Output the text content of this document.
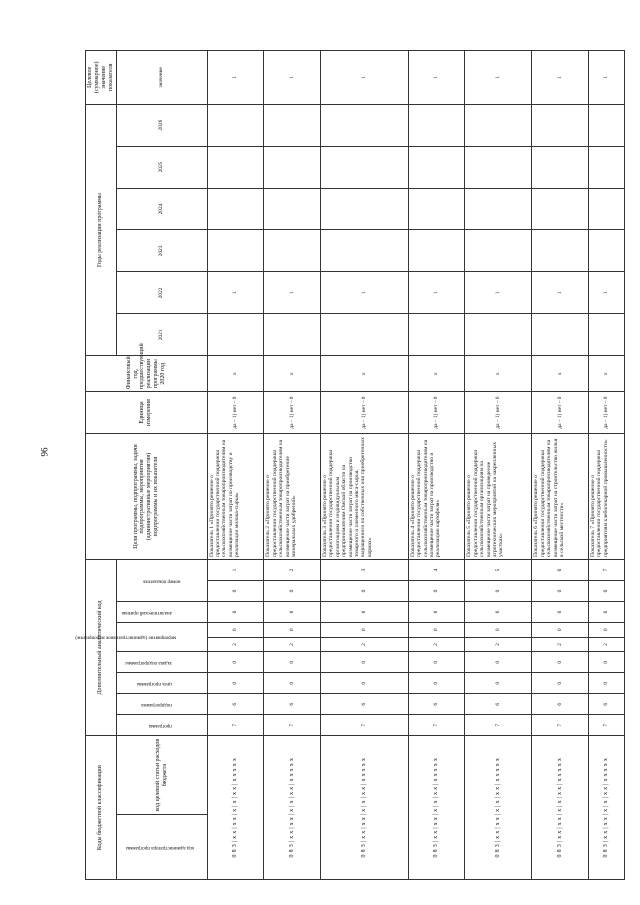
96
Коды бюджетной классификации		Дополнительный аналитический код									Цели программы, подпрограммы, задачи подпрограммы, мероприятия (административные мероприятия) подпрограммы и их показатели	Единица измерения	Финансовый год, предшествующий реализации программы 2020 год	Годы реализации программы						Целевое (суммарное) значение показателя

код администратора программы	код целевой статьи расходов бюджета	программа	подпрограмма	цель программы	задача подпрограммы	мероприятие (административное мероприятие)		аналитический признак	номер показателя					2021	2022	2023	2024	2025	2026	значение
0 8 3 | x x | x x | x | x | x x | x x x x x		7	6	0	0	2	0	6	0	1	Показатель 1 «Принято решение о предоставлении государственной поддержки сельскохозяйственным товаропроизводителям на возмещение части затрат по производству и реализации молока-сырья»	да – 1) нет – 0	x		1					1
0 8 3 | x x | x x | x | x | x x | x x x x x		7	6	0	0	2	0	6	0	2	Показатель 2 «Принято решение о предоставлении государственной поддержки сельскохозяйственным товаропроизводителям на возмещение части затрат на приобретение минеральных удобрений»	да – 1) нет – 0	x		1					1
0 8 3 | x x | x x | x | x | x x | x x x x x		7	6	0	0	2	0	6	0	3	Показатель 3 «Принято решение о предоставлении государственной поддержки организациям и индивидуальным предпринимателям Омской области на возмещение части затрат на производство товарного и племенного мяса-сырья, выращенного на собственных или приобретенных кормах»	да – 1) нет – 0	x		1					1
0 8 3 | x x | x x | x | x | x x | x x x x x		7	6	0	0	2	0	6	0	4	Показатель 4 «Принято решение о предоставлении государственной поддержки сельскохозяйственным товаропроизводителям на возмещение части затрат на производство и реализацию картофеля»	да – 1) нет – 0	x		1					1
0 8 3 | x x | x x | x | x | x x | x x x x x		7	6	0	0	2	0	6	0	5	Показатель 5 «Принято решение о предоставлении государственной поддержки сельскохозяйственным организациям на возмещение части затрат на проведение агротехнических мероприятий на закрепленных участках»	да – 1) нет – 0	x		1					1
0 8 3 | x x | x x | x | x | x x | x x x x x		7	6	0	0	2	0	6	0	6	Показатель 6 «Принято решение о предоставлении государственной поддержки сельскохозяйственным товаропроизводителям на возмещение части затрат на строительство жилья в сельской местности»	да – 1) нет – 0	x		1					1
0 8 3 | x x | x x | x | x | x x | x x x x x		7	6	0	0	2	0	6	0	7	Показатель 7 «Принято решение о предоставлении государственной поддержки предприятиям хлебопекарной промышленности»	да – 1) нет – 0	x		1					1
